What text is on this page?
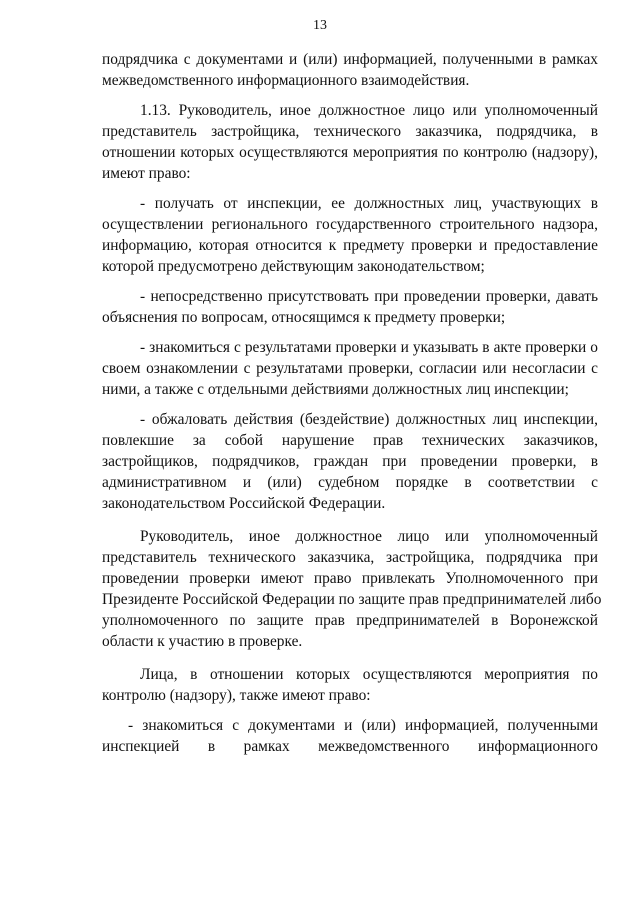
13
подрядчика с документами и (или) информацией, полученными в рамках
межведомственного информационного взаимодействия.
1.13. Руководитель, иное должностное лицо или уполномоченный
представитель застройщика, технического заказчика, подрядчика, в
отношении которых осуществляются мероприятия по контролю (надзору),
имеют право:
- получать от инспекции, ее должностных лиц, участвующих в
осуществлении регионального государственного строительного надзора,
информацию, которая относится к предмету проверки и предоставление
которой предусмотрено действующим законодательством;
- непосредственно присутствовать при проведении проверки, давать
объяснения по вопросам, относящимся к предмету проверки;
- знакомиться с результатами проверки и указывать в акте проверки о
своем ознакомлении с результатами проверки, согласии или несогласии с
ними, а также с отдельными действиями должностных лиц инспекции;
- обжаловать действия (бездействие) должностных лиц инспекции,
повлекшие за собой нарушение прав технических заказчиков,
застройщиков, подрядчиков, граждан при проведении проверки, в
административном и (или) судебном порядке в соответствии с
законодательством Российской Федерации.
Руководитель, иное должностное лицо или уполномоченный
представитель технического заказчика, застройщика, подрядчика при
проведении проверки имеют право привлекать Уполномоченного при
Президенте Российской Федерации по защите прав предпринимателей либо
уполномоченного по защите прав предпринимателей в Воронежской
области к участию в проверке.
Лица, в отношении которых осуществляются мероприятия по
контролю (надзору), также имеют право:
- знакомиться с документами и (или) информацией, полученными
инспекцией в рамках межведомственного информационного
